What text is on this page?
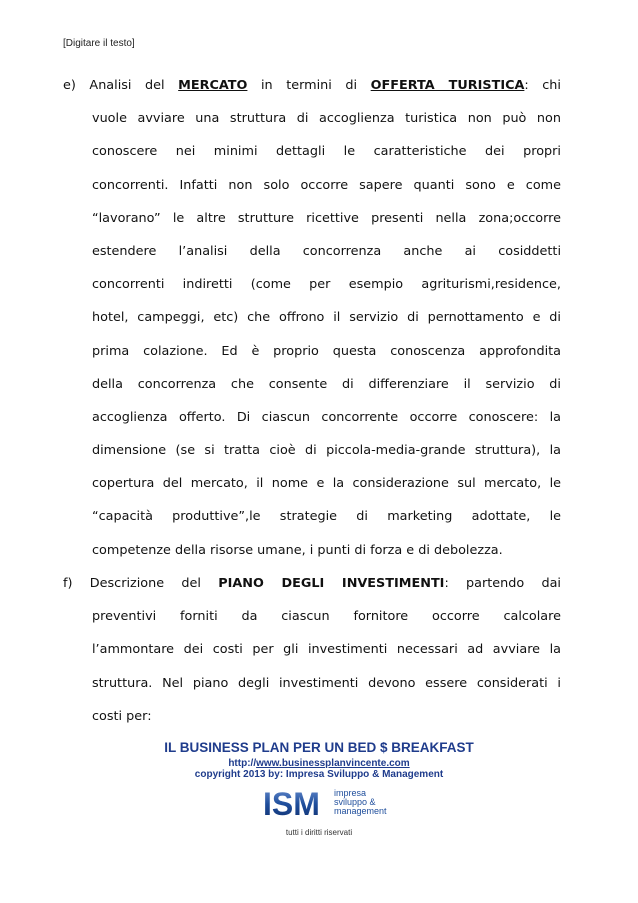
[Digitare il testo]
e) Analisi del MERCATO in termini di OFFERTA TURISTICA: chi
vuole avviare una struttura di accoglienza turistica non può non
conoscere nei minimi dettagli le caratteristiche dei propri
concorrenti. Infatti non solo occorre sapere quanti sono e come
“lavorano” le altre strutture ricettive presenti nella zona;occorre
estendere l’analisi della concorrenza anche ai cosiddetti
concorrenti indiretti (come per esempio agriturismi,residence,
hotel, campeggi, etc) che offrono il servizio di pernottamento e di
prima colazione. Ed è proprio questa conoscenza approfondita
della concorrenza che consente di differenziare il servizio di
accoglienza offerto. Di ciascun concorrente occorre conoscere: la
dimensione (se si tratta cioè di piccola-media-grande struttura), la
copertura del mercato, il nome e la considerazione sul mercato, le
“capacità produttive”,le strategie di marketing adottate, le
competenze della risorse umane, i punti di forza e di debolezza.
f) Descrizione del PIANO DEGLI INVESTIMENTI: partendo dai
preventivi forniti da ciascun fornitore occorre calcolare
l’ammontare dei costi per gli investimenti necessari ad avviare la
struttura. Nel piano degli investimenti devono essere considerati i
costi per:
IL BUSINESS PLAN PER UN BED $ BREAKFAST
http://www.businessplanvincente.com
copyright 2013 by: Impresa Sviluppo & Management
ISM impresa
sviluppo &
management
tutti i diritti riservati
